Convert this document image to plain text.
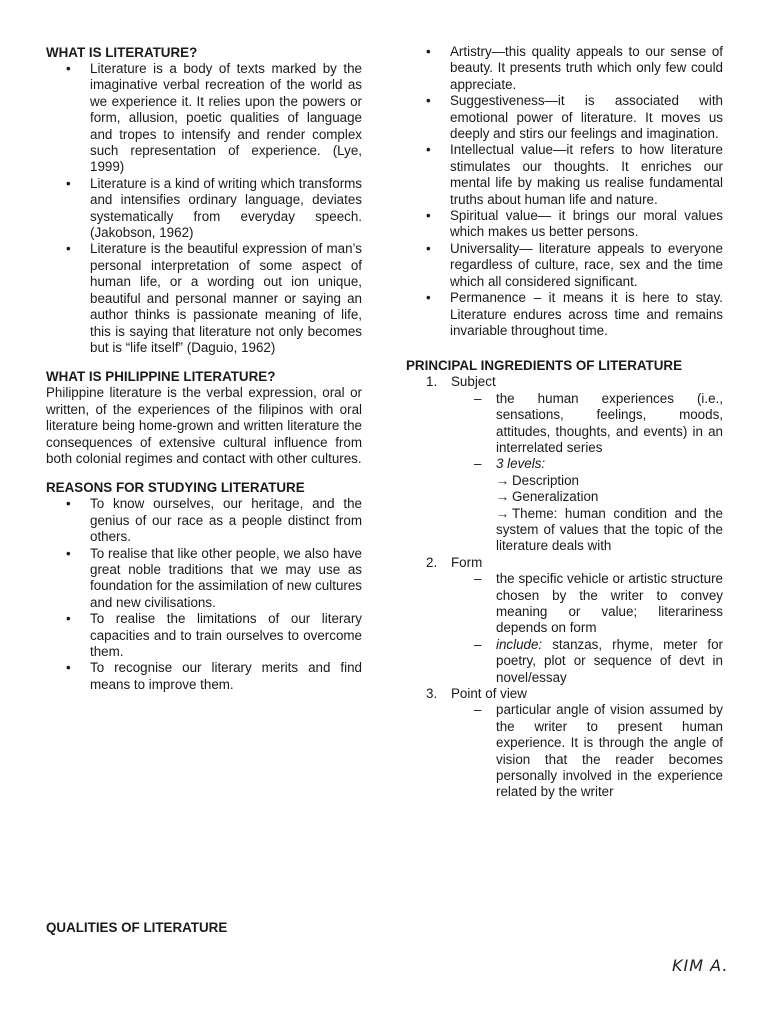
WHAT IS LITERATURE?
• Literature is a body of texts marked by the imaginative verbal recreation of the world as we experience it. It relies upon the powers or form, allusion, poetic qualities of language and tropes to intensify and render complex such representation of experience. (Lye, 1999)
• Literature is a kind of writing which transforms and intensifies ordinary language, deviates systematically from everyday speech. (Jakobson, 1962)
• Literature is the beautiful expression of man’s personal interpretation of some aspect of human life, or a wording out ion unique, beautiful and personal manner or saying an author thinks is passionate meaning of life, this is saying that literature not only becomes but is “life itself” (Daguio, 1962)
WHAT IS PHILIPPINE LITERATURE?

Philippine literature is the verbal expression, oral or written, of the experiences of the filipinos with oral literature being home-grown and written literature the consequences of extensive cultural influence from both colonial regimes and contact with other cultures.

REASONS FOR STUDYING LITERATURE
• To know ourselves, our heritage, and the genius of our race as a people distinct from others.
• To realise that like other people, we also have great noble traditions that we may use as foundation for the assimilation of new cultures and new civilisations.
• To realise the limitations of our literary capacities and to train ourselves to overcome them.
• To recognise our literary merits and find means to improve them.
• Artistry—this quality appeals to our sense of beauty. It presents truth which only few could appreciate.
• Suggestiveness—it is associated with emotional power of literature. It moves us deeply and stirs our feelings and imagination.
• Intellectual value—it refers to how literature stimulates our thoughts. It enriches our mental life by making us realise fundamental truths about human life and nature.
• Spiritual value— it brings our moral values which makes us better persons.
• Universality— literature appeals to everyone regardless of culture, race, sex and the time which all considered significant.
• Permanence – it means it is here to stay. Literature endures across time and remains invariable throughout time.
PRINCIPAL INGREDIENTS OF LITERATURE
1. Subject
– the human experiences (i.e., sensations, feelings, moods, attitudes, thoughts, and events) in an interrelated series
– 3 levels:
→ Description
→ Generalization
→ Theme: human condition and the system of values that the topic of the literature deals with
2. Form
– the specific vehicle or artistic structure chosen by the writer to convey meaning or value; literariness depends on form
– include: stanzas, rhyme, meter for poetry, plot or sequence of devt in novel/essay
3. Point of view
– particular angle of vision assumed by the writer to present human experience. It is through the angle of vision that the reader becomes personally involved in the experience related by the writer
QUALITIES OF LITERATURE
KIM A.
